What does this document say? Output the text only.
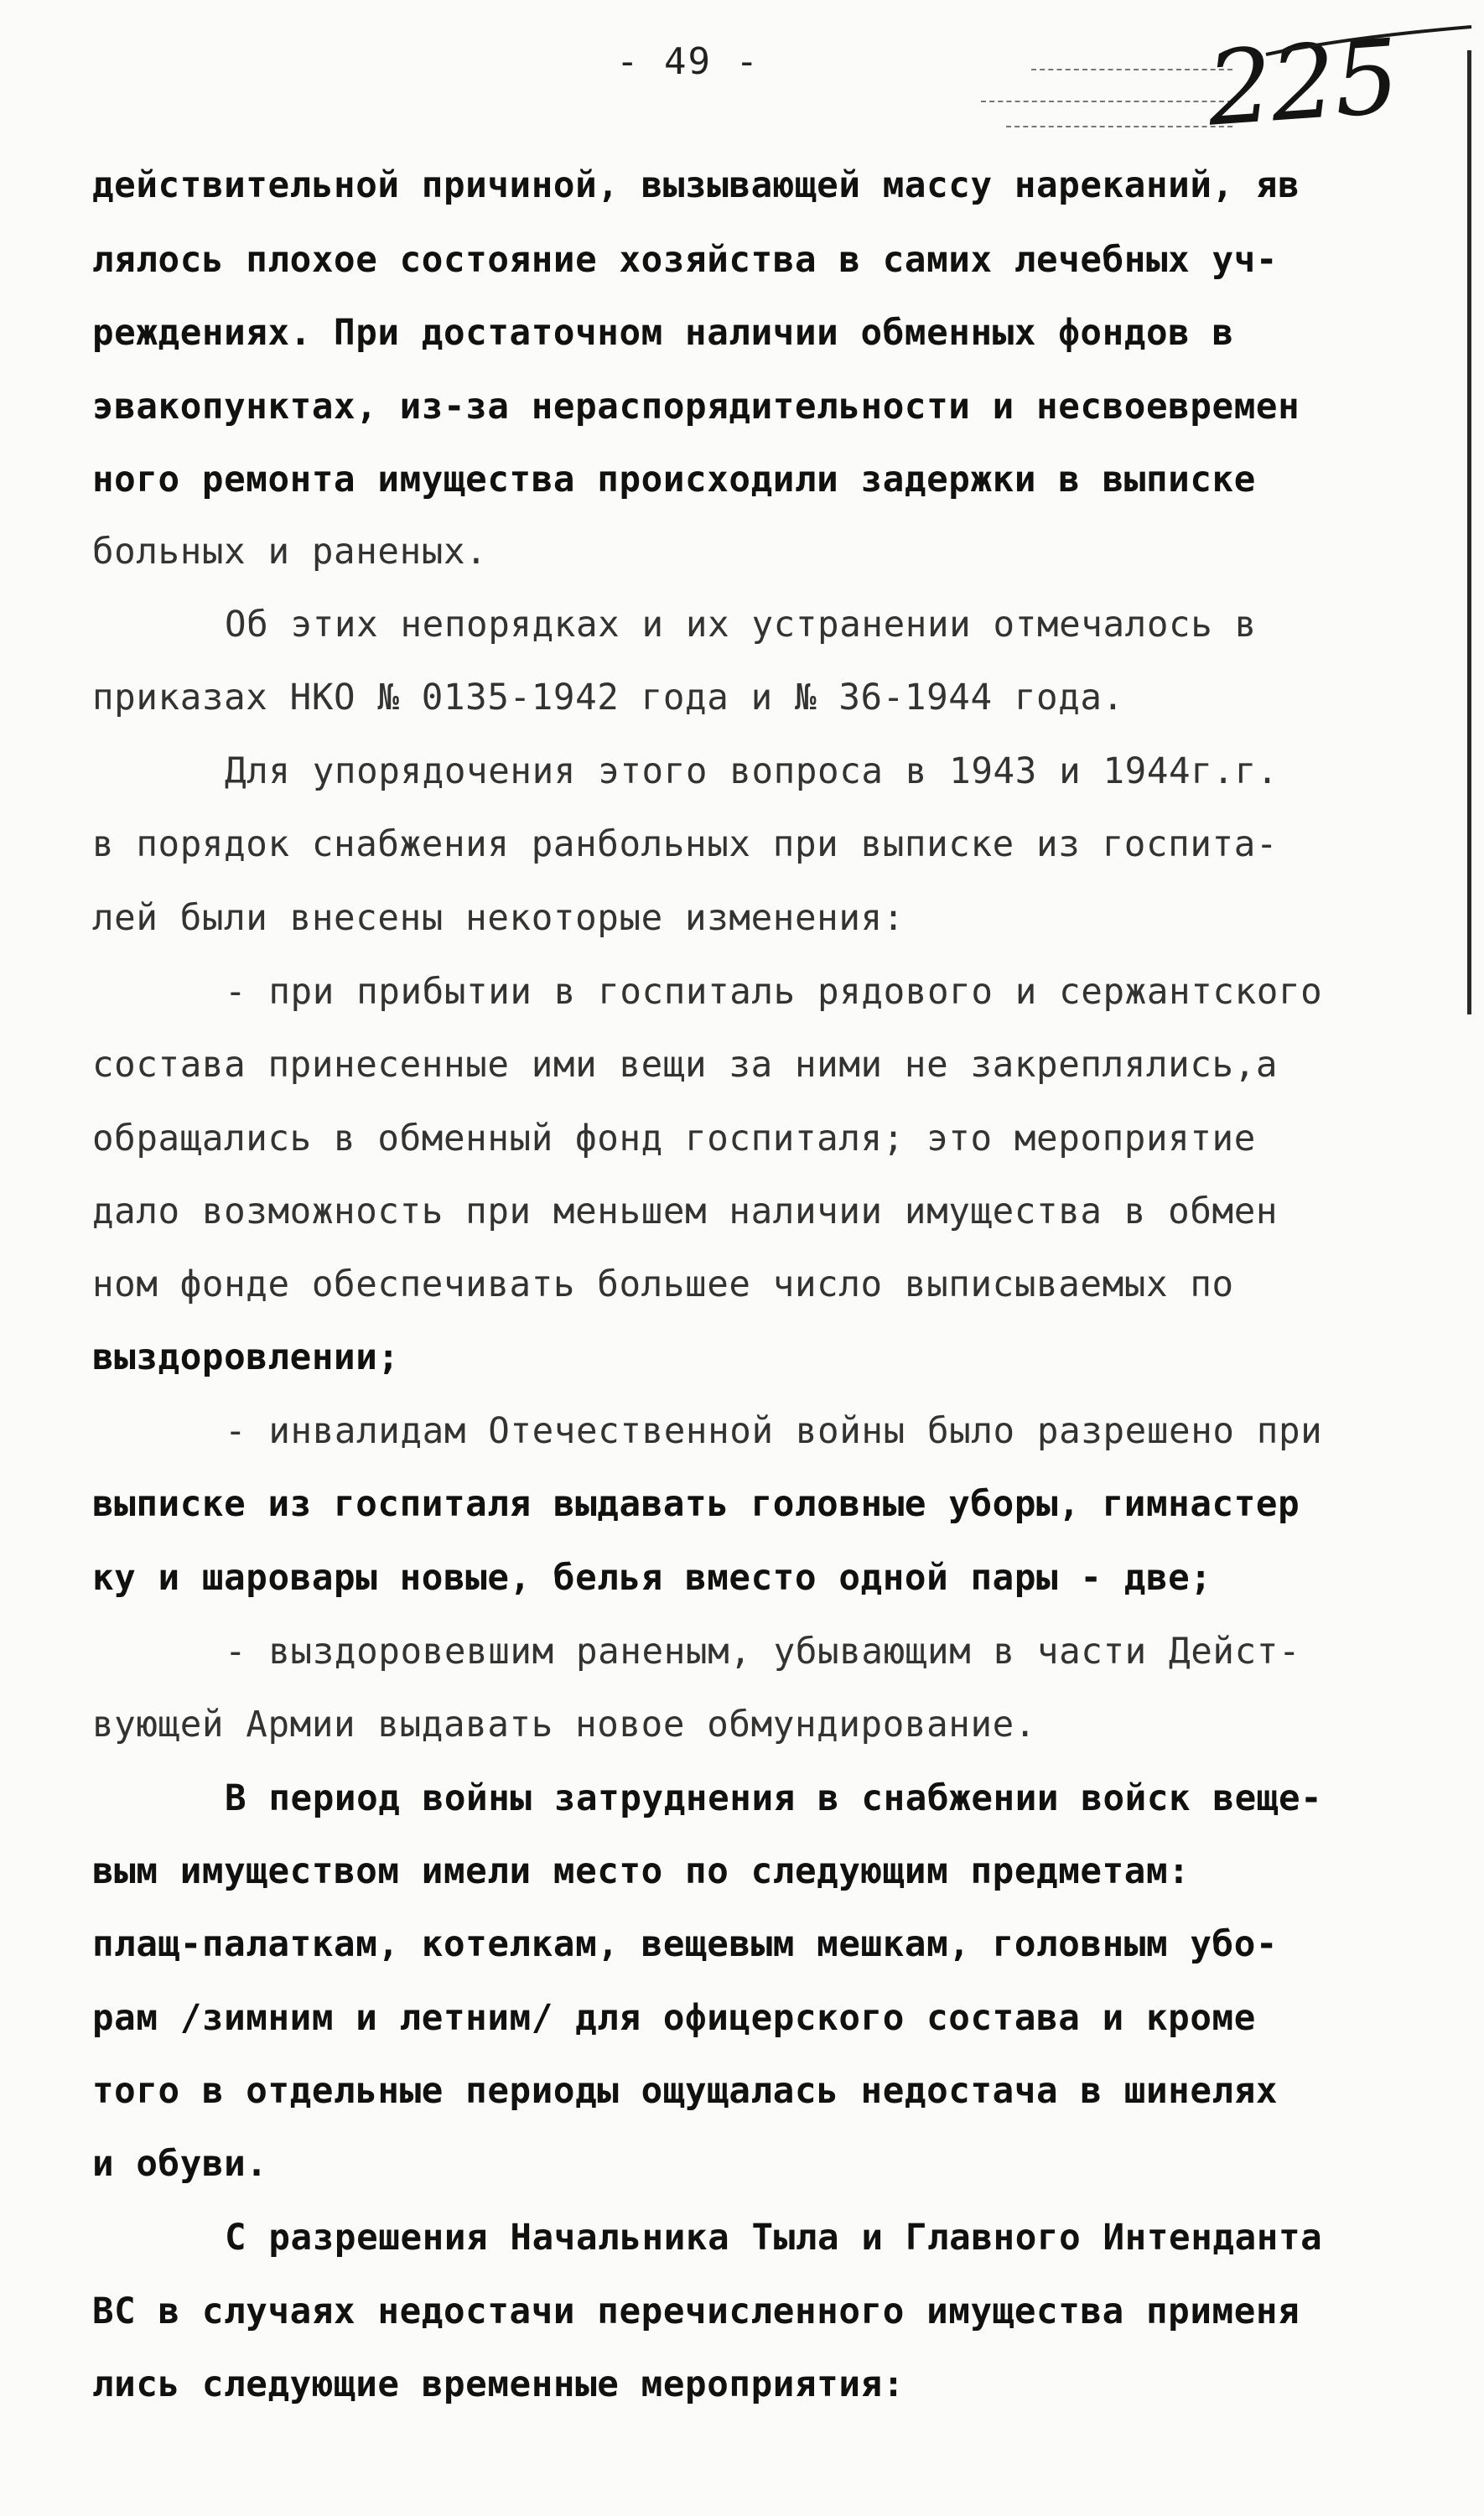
- 49 -	225
действительной причиной, вызывающей массу нареканий, яв
лялось плохое состояние хозяйства в самих лечебных уч-
реждениях. При достаточном наличии обменных фондов в
эвакопунктах, из-за нераспорядительности и несвоевремен
ного ремонта имущества происходили задержки в выписке
больных и раненых.
Об этих непорядках и их устранении отмечалось в
приказах НКО № 0135-1942 года и № 36-1944 года.
Для упорядочения этого вопроса в 1943 и 1944г.г.
в порядок снабжения ранбольных при выписке из госпита-
лей были внесены некоторые изменения:
- при прибытии в госпиталь рядового и сержантского
состава принесенные ими вещи за ними не закреплялись,а
обращались в обменный фонд госпиталя; это мероприятие
дало возможность при меньшем наличии имущества в обмен
ном фонде обеспечивать большее число выписываемых по
выздоровлении;
- инвалидам Отечественной войны было разрешено при
выписке из госпиталя выдавать головные уборы, гимнастер
ку и шаровары новые, белья вместо одной пары - две;
- выздоровевшим раненым, убывающим в части Дейст-
вующей Армии выдавать новое обмундирование.
В период войны затруднения в снабжении войск веще-
вым имуществом имели место по следующим предметам:
плащ-палаткам, котелкам, вещевым мешкам, головным убо-
рам /зимним и летним/ для офицерского состава и кроме
того в отдельные периоды ощущалась недостача в шинелях
и обуви.
С разрешения Начальника Тыла и Главного Интенданта
ВС в случаях недостачи перечисленного имущества применя
лись следующие временные мероприятия:
